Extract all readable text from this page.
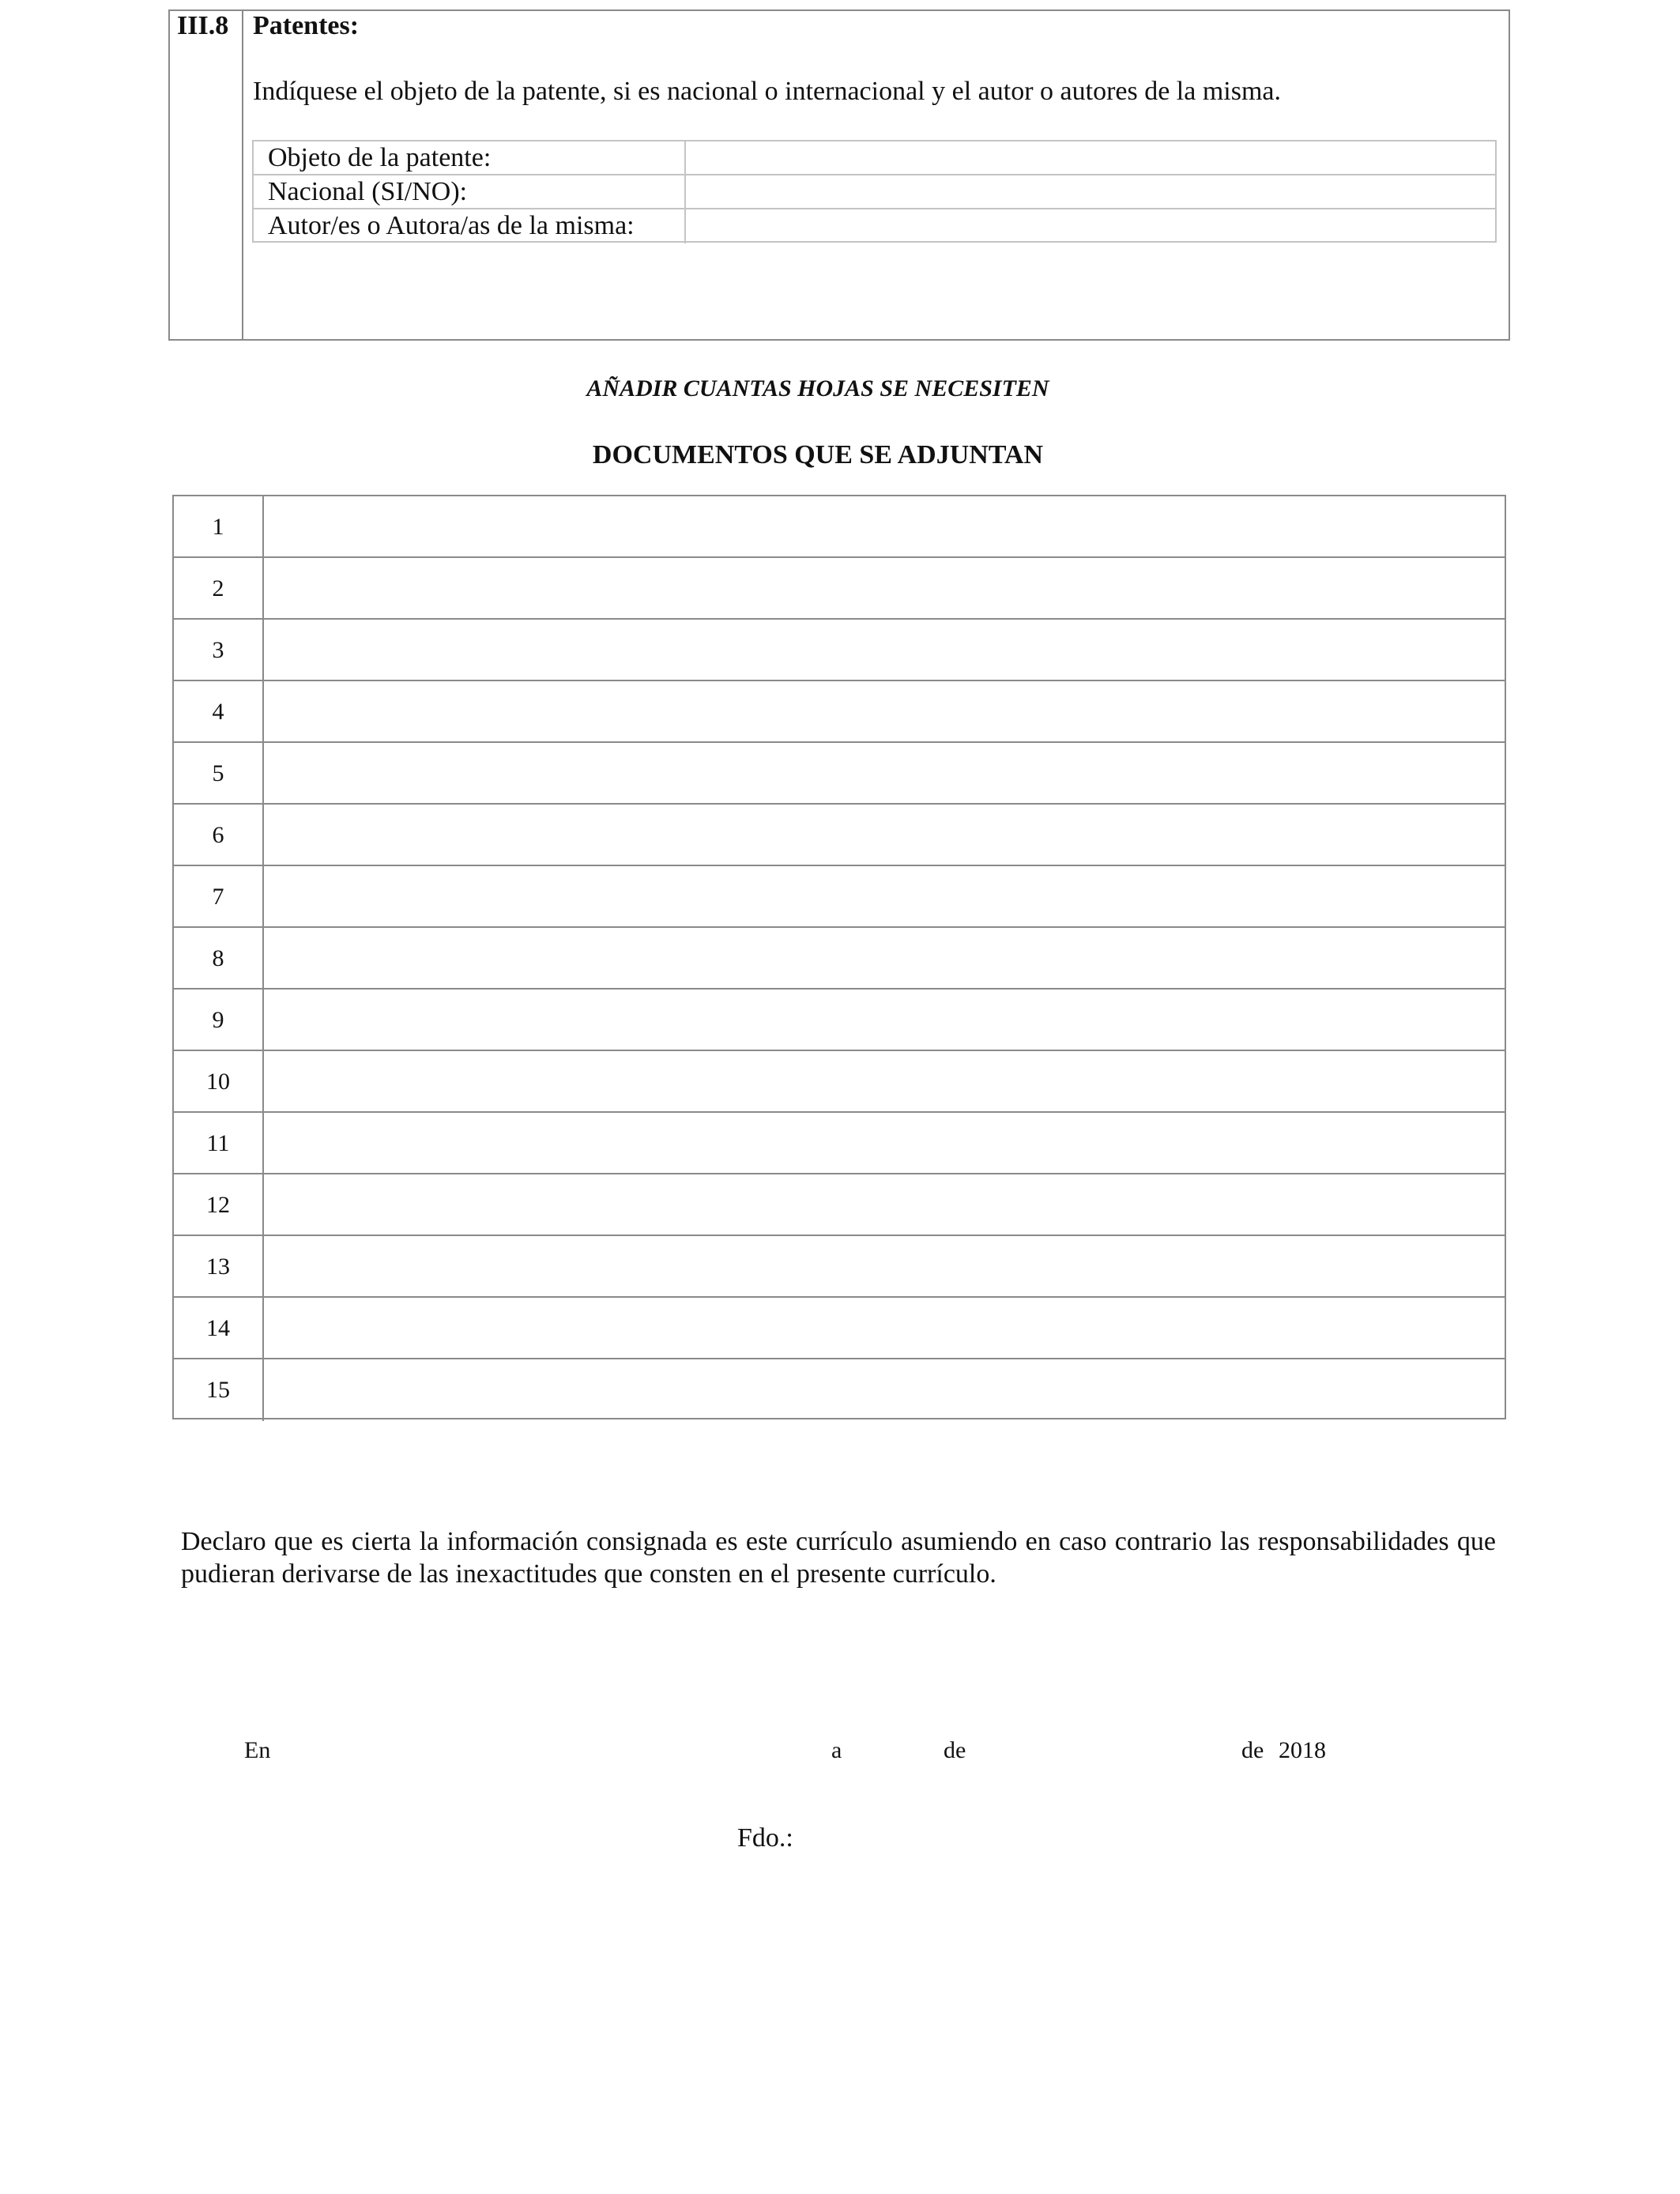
III.8 Patentes:
Indíquese el objeto de la patente, si es nacional o internacional y el autor o autores de la misma.
Objeto de la patente:
Nacional (SI/NO):
Autor/es o Autora/as de la misma:
AÑADIR CUANTAS HOJAS SE NECESITEN
DOCUMENTOS QUE SE ADJUNTAN
1
2
3
4
5
6
7
8
9
10
11
12
13
14
15
Declaro que es cierta la información consignada es este currículo asumiendo en caso contrario las responsabilidades que pudieran derivarse de las inexactitudes que consten en el presente currículo.
En	a	de	de 2018
Fdo.:
